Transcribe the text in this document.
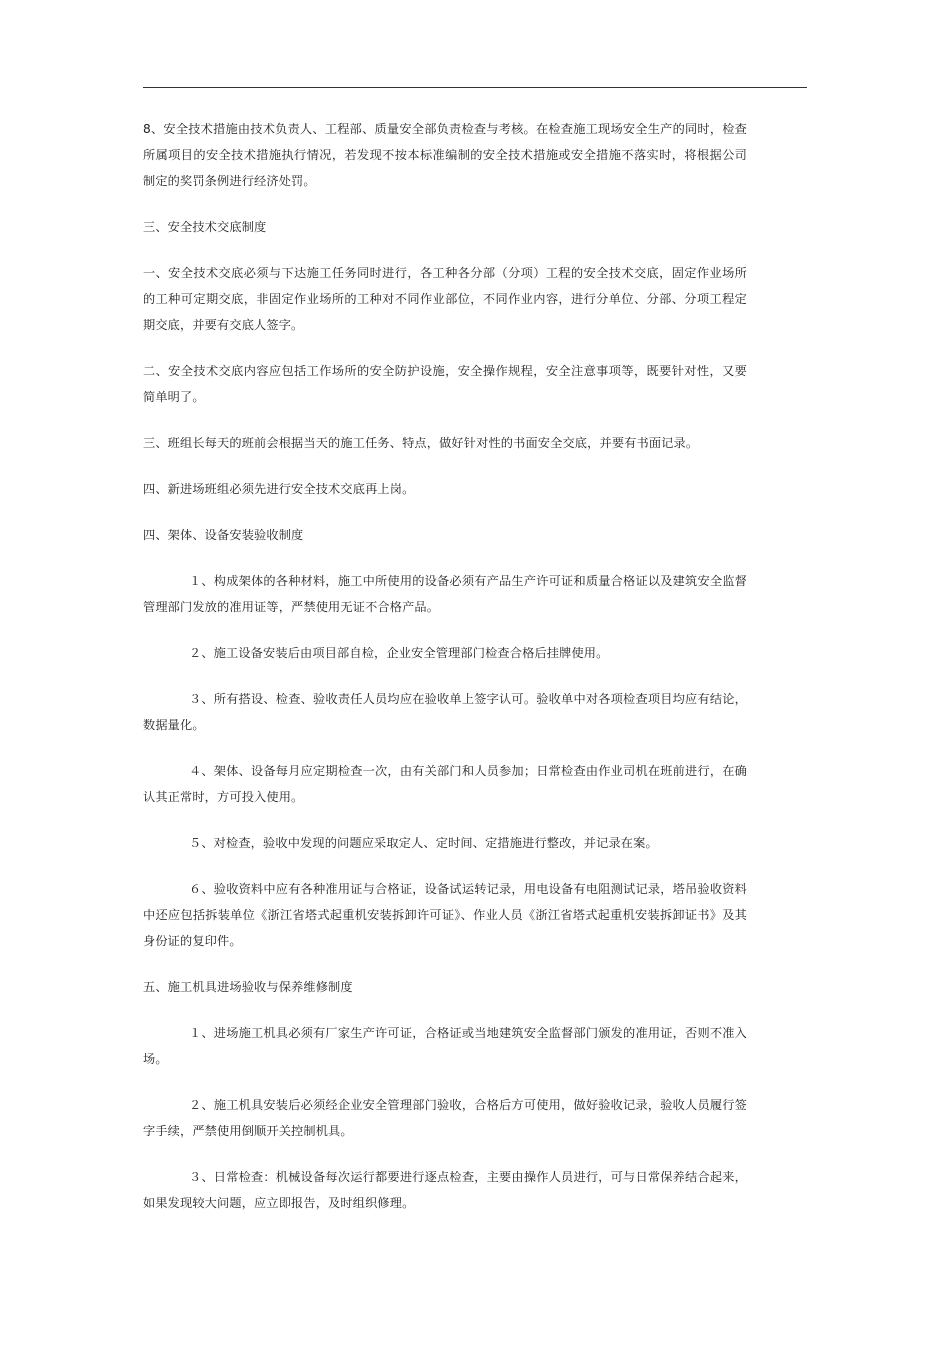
8、安全技术措施由技术负责人、工程部、质量安全部负责检查与考核。在检查施工现场安全生产的同时，检查所属项目的安全技术措施执行情况，若发现不按本标准编制的安全技术措施或安全措施不落实时，将根据公司制定的奖罚条例进行经济处罚。

三、安全技术交底制度

一、安全技术交底必须与下达施工任务同时进行，各工种各分部（分项）工程的安全技术交底，固定作业场所的工种可定期交底，非固定作业场所的工种对不同作业部位，不同作业内容，进行分单位、分部、分项工程定期交底，并要有交底人签字。

二、安全技术交底内容应包括工作场所的安全防护设施，安全操作规程，安全注意事项等，既要针对性，又要简单明了。

三、班组长每天的班前会根据当天的施工任务、特点，做好针对性的书面安全交底，并要有书面记录。

四、新进场班组必须先进行安全技术交底再上岗。

四、架体、设备安装验收制度

１、构成架体的各种材料，施工中所使用的设备必须有产品生产许可证和质量合格证以及建筑安全监督管理部门发放的准用证等，严禁使用无证不合格产品。

２、施工设备安装后由项目部自检，企业安全管理部门检查合格后挂牌使用。

３、所有搭设、检查、验收责任人员均应在验收单上签字认可。验收单中对各项检查项目均应有结论，数据量化。

４、架体、设备每月应定期检查一次，由有关部门和人员参加；日常检查由作业司机在班前进行，在确认其正常时，方可投入使用。

５、对检查，验收中发现的问题应采取定人、定时间、定措施进行整改，并记录在案。

６、验收资料中应有各种准用证与合格证，设备试运转记录，用电设备有电阻测试记录，塔吊验收资料中还应包括拆装单位《浙江省塔式起重机安装拆卸许可证》、作业人员《浙江省塔式起重机安装拆卸证书》及其身份证的复印件。

五、施工机具进场验收与保养维修制度

１、进场施工机具必须有厂家生产许可证，合格证或当地建筑安全监督部门颁发的准用证，否则不准入场。

２、施工机具安装后必须经企业安全管理部门验收，合格后方可使用，做好验收记录，验收人员履行签字手续，严禁使用倒顺开关控制机具。

３、日常检查：机械设备每次运行都要进行逐点检查，主要由操作人员进行，可与日常保养结合起来，如果发现较大问题，应立即报告，及时组织修理。
